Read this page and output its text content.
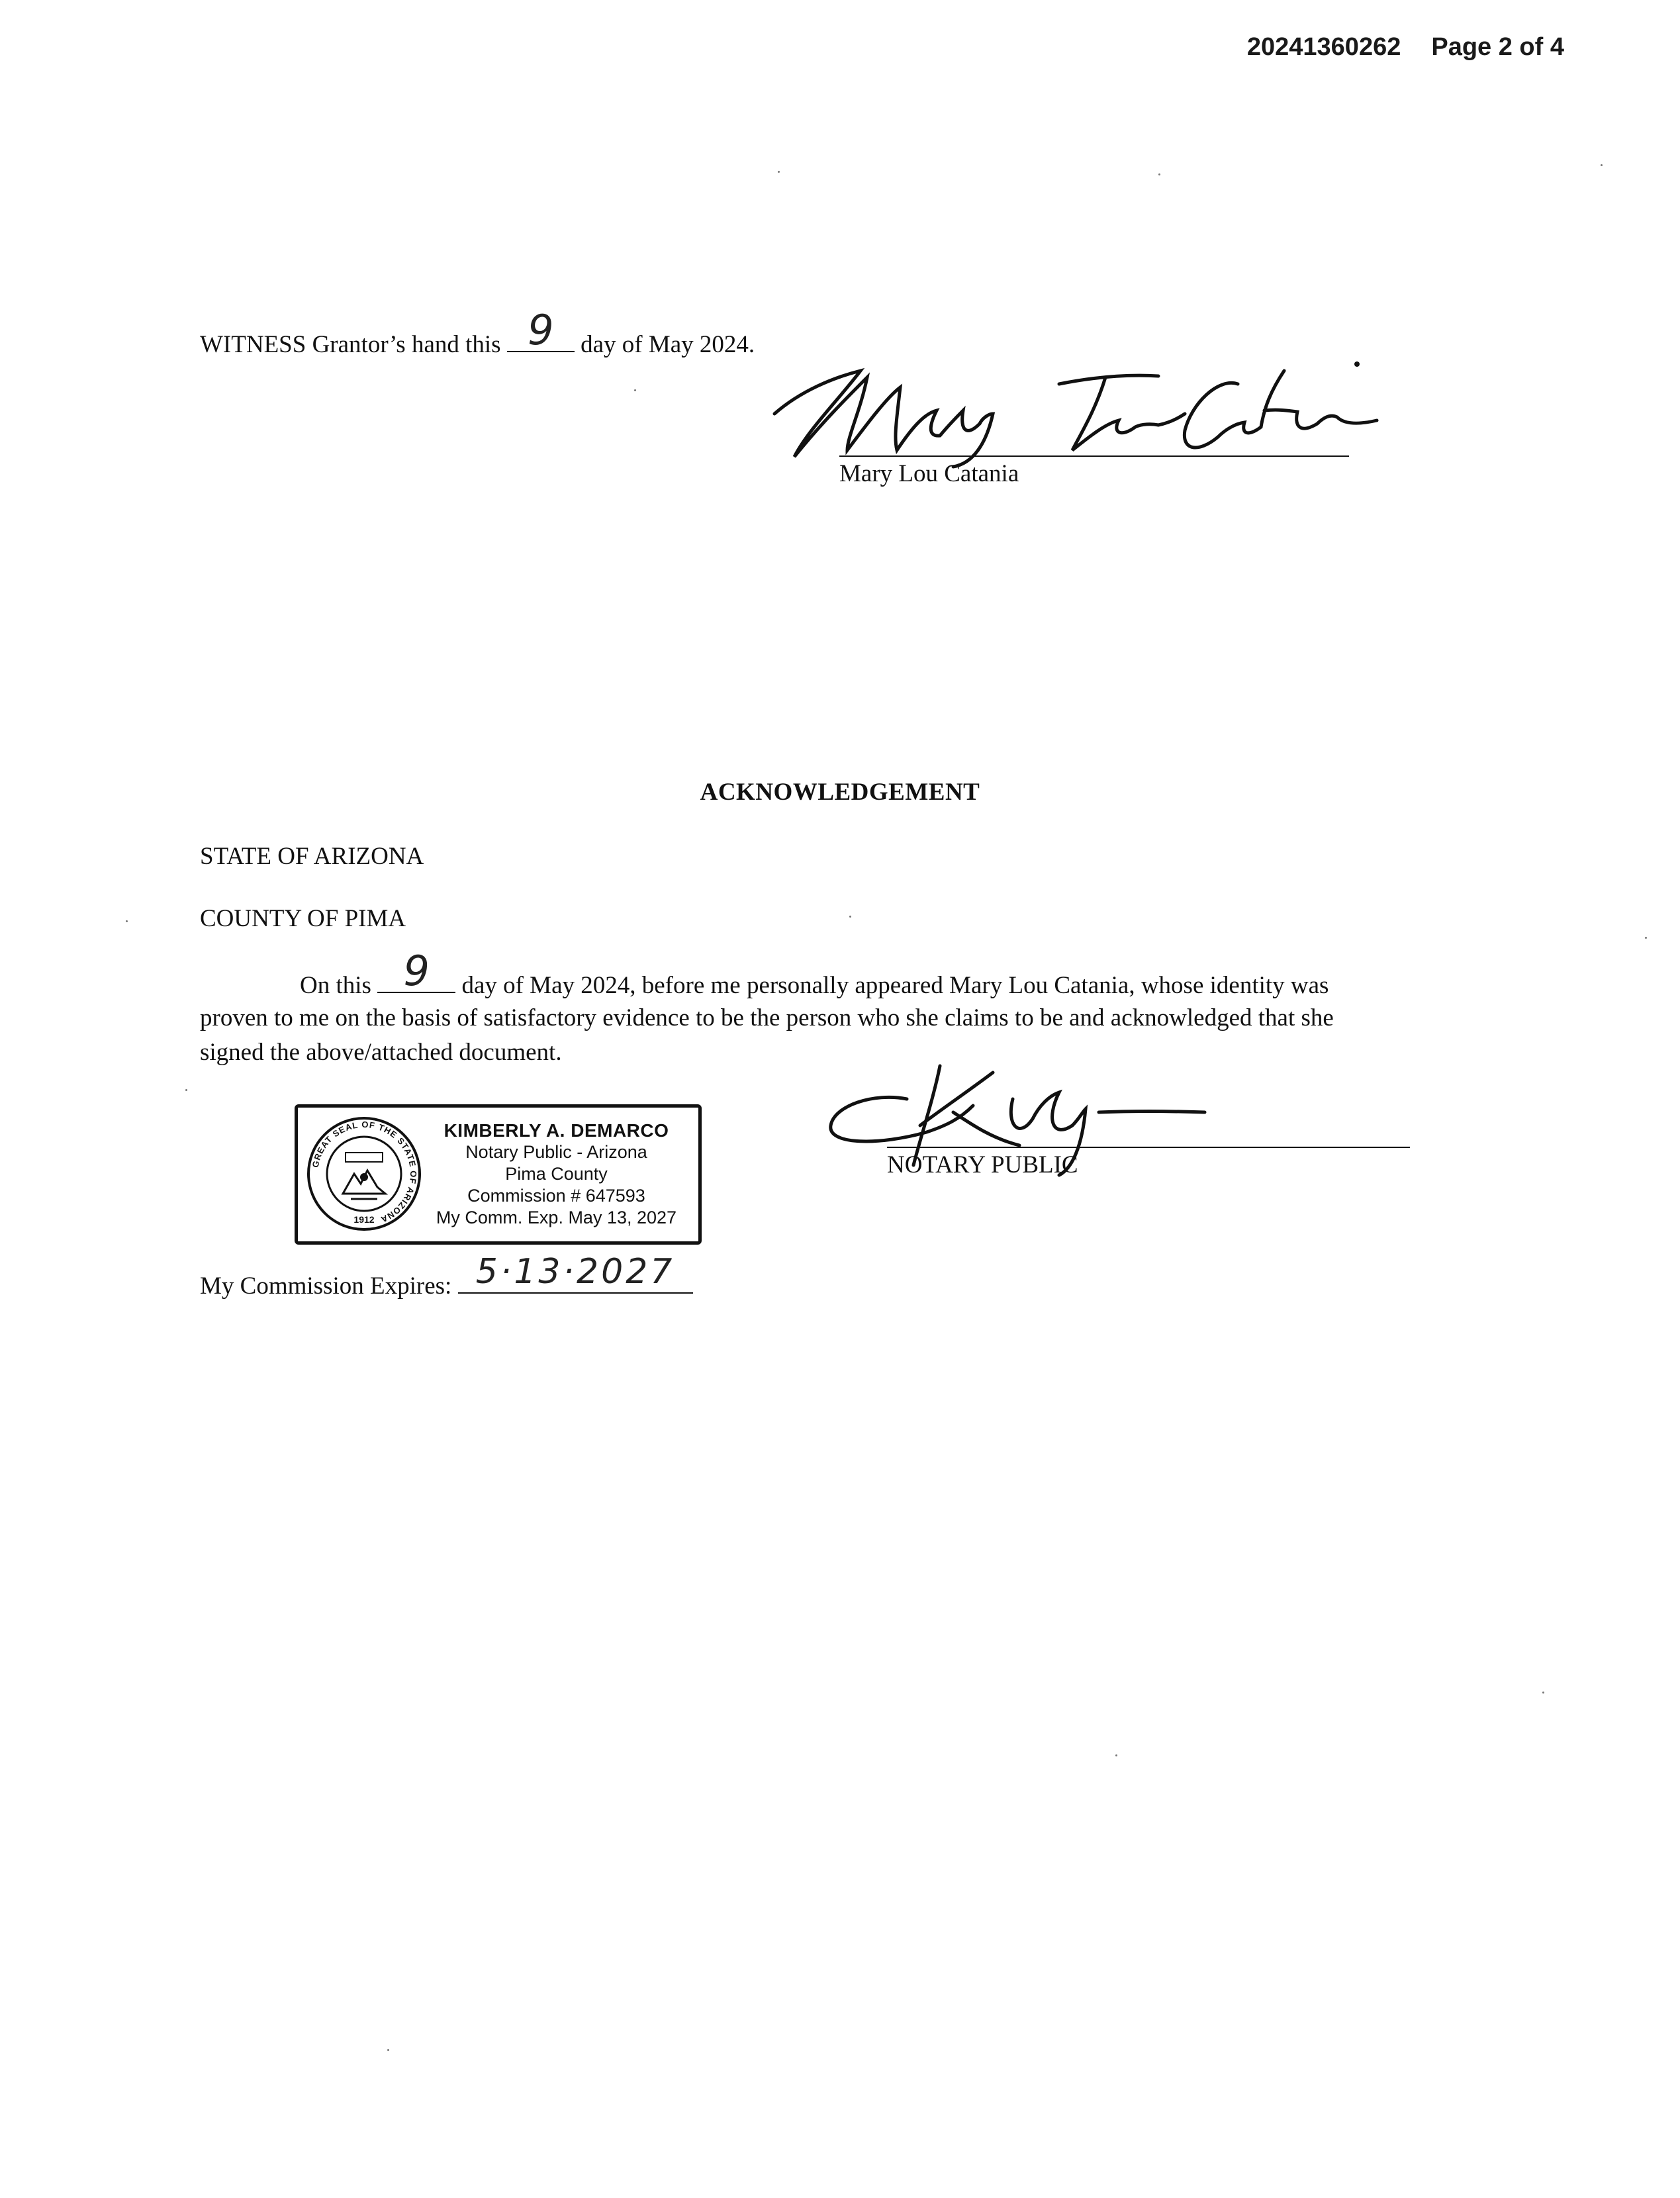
20241360262 Page 2 of 4
WITNESS Grantor’s hand this 9	day of May 2024.
Mary Lou Catania
ACKNOWLEDGEMENT
STATE OF ARIZONA
COUNTY OF PIMA
On this 9	day of May 2024, before me personally appeared Mary Lou Catania, whose identity was
proven to me on the basis of satisfactory evidence to be the person who she claims to be and acknowledged that she
signed the above/attached document.
NOTARY PUBLIC
GREAT SEAL OF THE STATE OF ARIZONA
1912
KIMBERLY A. DEMARCO
Notary Public - Arizona
Pima County
Commission # 647593
My Comm. Exp. May 13, 2027
My Commission Expires: 5·13·2027
